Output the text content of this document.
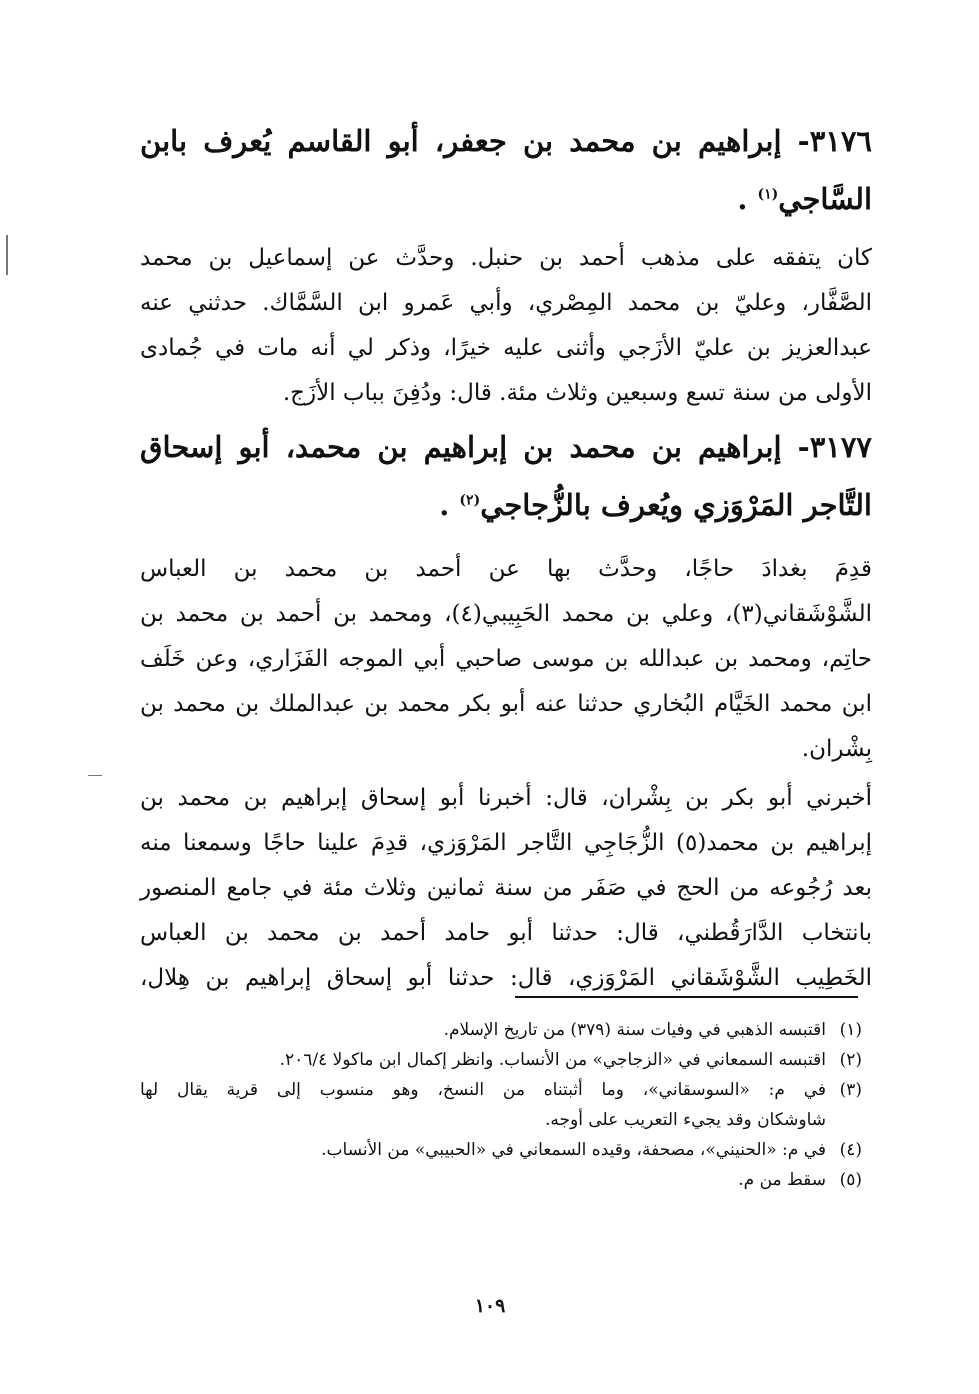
٣١٧٦- إبراهيم بن محمد بن جعفر، أبو القاسم يُعرف بابن
السَّاجي$^{(١)}$ .
كان يتفقه على مذهب أحمد بن حنبل. وحدَّث عن إسماعيل بن محمد
الصَّفَّار، وعليّ بن محمد المِصْري، وأبي عَمرو ابن السَّمَّاك. حدثني عنه
عبدالعزيز بن عليّ الأزَجي وأثنى عليه خيرًا، وذكر لي أنه مات في جُمادى
الأولى من سنة تسع وسبعين وثلاث مئة. قال: ودُفِنَ بباب الأزَج.
٣١٧٧- إبراهيم بن محمد بن إبراهيم بن محمد، أبو إسحاق
التَّاجر المَرْوَزي ويُعرف بالزُّجاجي$^{(٢)}$ .
قدِمَ بغدادَ حاجًا، وحدَّث بها عن أحمد بن محمد بن العباس
الشَّوْشَقاني(٣)، وعلي بن محمد الحَبِيبي(٤)، ومحمد بن أحمد بن محمد بن
حاتِم، ومحمد بن عبدالله بن موسى صاحبي أبي الموجه الفَزَاري، وعن خَلَف
ابن محمد الخَيَّام البُخاري حدثنا عنه أبو بكر محمد بن عبدالملك بن محمد بن
بِشْران.
أخبرني أبو بكر بن بِشْران، قال: أخبرنا أبو إسحاق إبراهيم بن محمد بن
إبراهيم بن محمد(٥) الزُّجَاجِي التَّاجر المَرْوَزي، قدِمَ علينا حاجًا وسمعنا منه
بعد رُجُوعه من الحج في صَفَر من سنة ثمانين وثلاث مئة في جامع المنصور
بانتخاب الدَّارَقُطني، قال: حدثنا أبو حامد أحمد بن محمد بن العباس
الخَطِيب الشَّوْشَقاني المَرْوَزي، قال: حدثنا أبو إسحاق إبراهيم بن هِلال،
(١)
اقتبسه الذهبي في وفيات سنة (٣٧٩) من تاريخ الإسلام.
(٢)
اقتبسه السمعاني في «الزجاجي» من الأنساب. وانظر إكمال ابن ماكولا ٢٠٦/٤.
(٣)
في م: «السوسقاني»، وما أثبتناه من النسخ، وهو منسوب إلى قرية يقال لها
شاوشكان وقد يجيء التعريب على أوجه.
(٤)
في م: «الحنيني»، مصحفة، وقيده السمعاني في «الحبيبي» من الأنساب.
(٥)
سقط من م.
١٠٩
